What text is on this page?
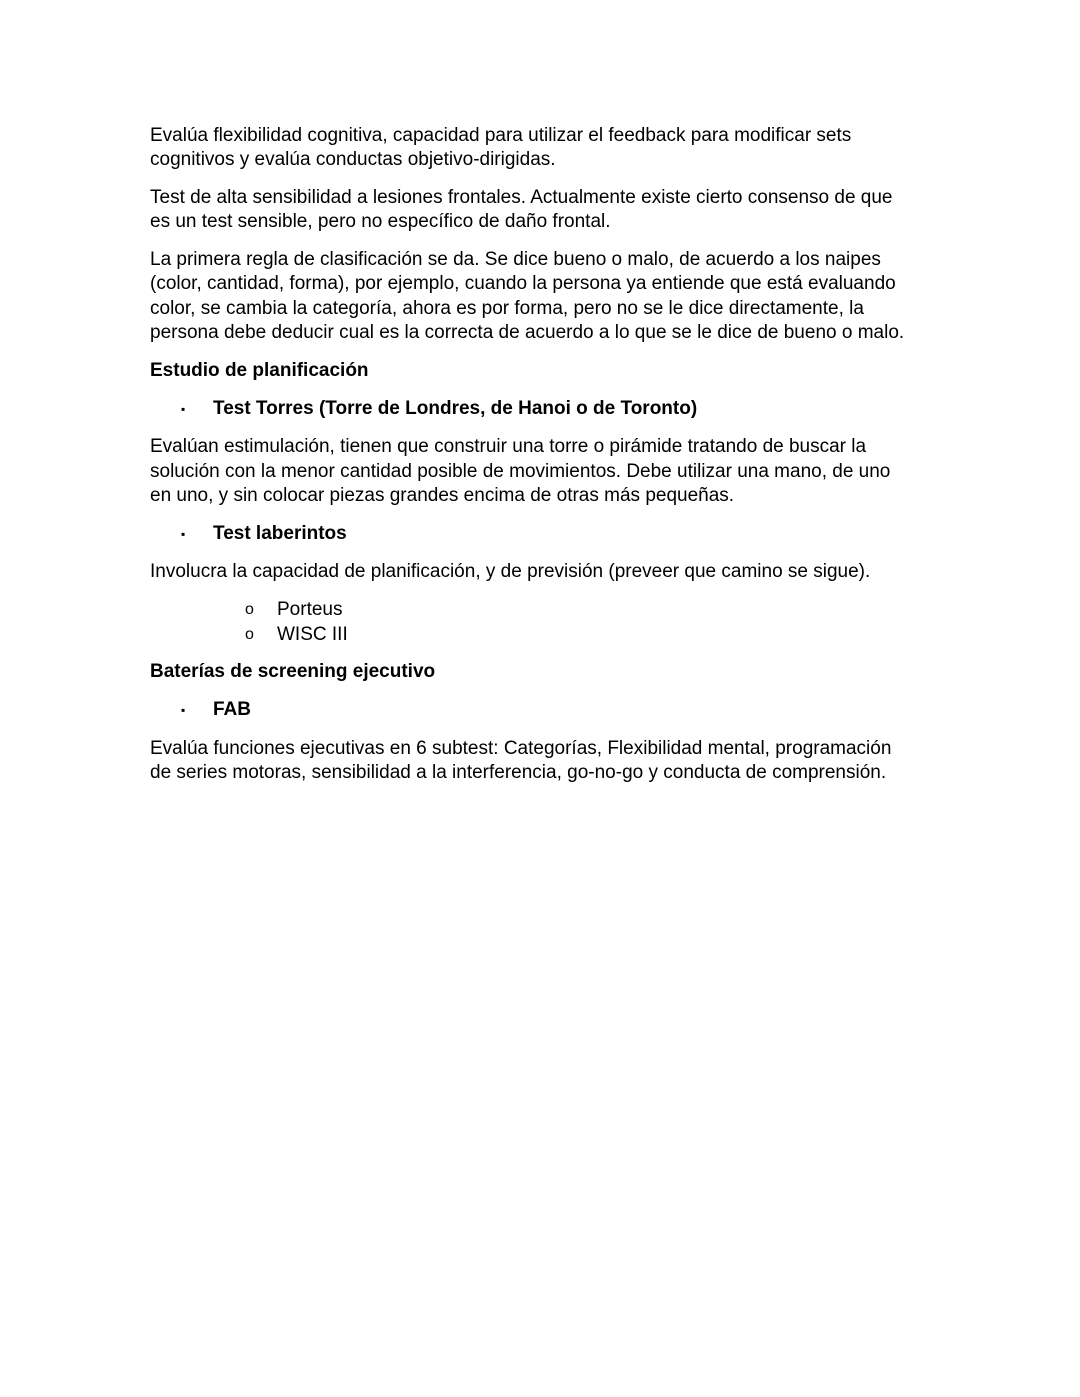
Evalúa flexibilidad cognitiva, capacidad para utilizar el feedback para modificar sets
cognitivos y evalúa conductas objetivo-dirigidas.
Test de alta sensibilidad a lesiones frontales. Actualmente existe cierto consenso de que
es un test sensible, pero no específico de daño frontal.
La primera regla de clasificación se da. Se dice bueno o malo, de acuerdo a los naipes
(color, cantidad, forma), por ejemplo, cuando la persona ya entiende que está evaluando
color, se cambia la categoría, ahora es por forma, pero no se le dice directamente, la
persona debe deducir cual es la correcta de acuerdo a lo que se le dice de bueno o malo.
Estudio de planificación
▪ Test Torres (Torre de Londres, de Hanoi o de Toronto)
Evalúan estimulación, tienen que construir una torre o pirámide tratando de buscar la
solución con la menor cantidad posible de movimientos. Debe utilizar una mano, de uno
en uno, y sin colocar piezas grandes encima de otras más pequeñas.
▪ Test laberintos
Involucra la capacidad de planificación, y de previsión (preveer que camino se sigue).
o Porteus
o WISC III
Baterías de screening ejecutivo
▪ FAB
Evalúa funciones ejecutivas en 6 subtest: Categorías, Flexibilidad mental, programación
de series motoras, sensibilidad a la interferencia, go-no-go y conducta de comprensión.
